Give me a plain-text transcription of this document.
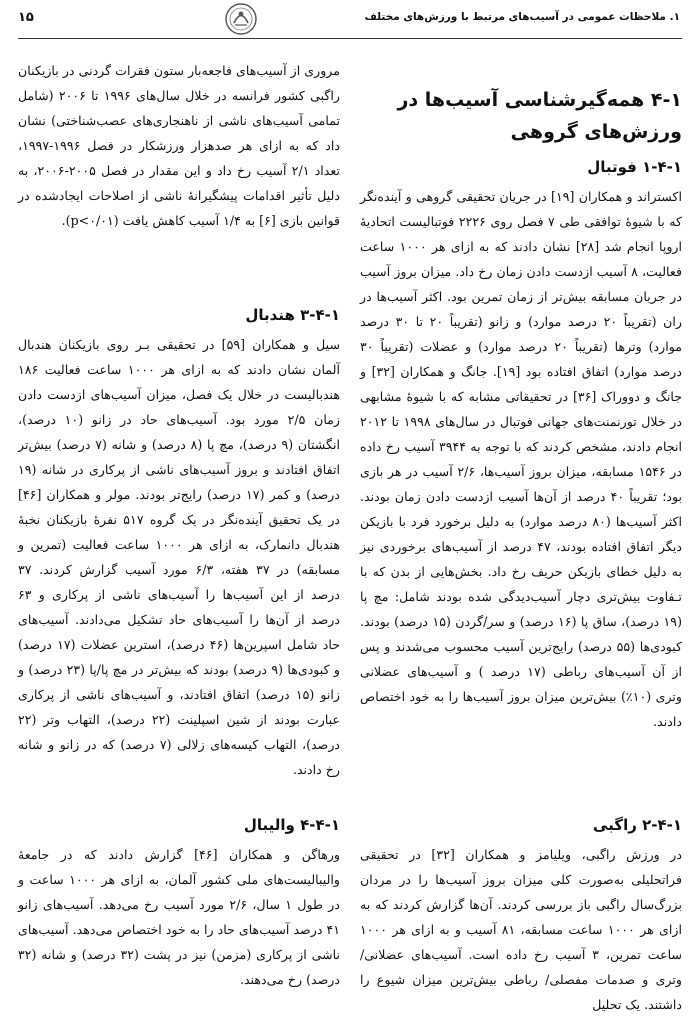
۱۵	۱. ملاحظات عمومی در آسیب‌های مرتبط با ورزش‌های مختلف
۴-۱ همه‌گیرشناسی آسیب‌ها در ورزش‌های گروهی
۱-۴-۱ فوتبال

اکستراند و همکاران [۱۹] در جریان تحقیقی گروهی و آینده‌نگر که با شیوهٔ توافقی طی ۷ فصل روی ۲۲۲۶ فوتبالیست اتحادیهٔ اروپا انجام شد [۲۸] نشان دادند که به ازای هر ۱۰۰۰ ساعت فعالیت، ۸ آسیب ازدست دادن زمان رخ داد. میزان بروز آسیب در جریان مسابقه بیش‌تر از زمان تمرین بود. اکثر آسیب‌ها در ران (تقریباً ۲۰ درصد موارد) و زانو (تقریباً ۲۰ تا ۳۰ درصد موارد) وترها (تقریباً ۲۰ درصد موارد) و عضلات (تقریباً ۳۰ درصد موارد) اتفاق افتاده بود [۱۹]. جانگ و همکاران [۳۲] و جانگ و دووراک [۳۶] در تحقیقاتی مشابه که با شیوهٔ مشابهی در خلال تورنمنت‌های جهانی فوتبال در سال‌های ۱۹۹۸ تا ۲۰۱۲ انجام دادند، مشخص کردند که با توجه به ۳۹۴۴ آسیب رخ داده در ۱۵۴۶ مسابقه، میزان بروز آسیب‌ها، ۲/۶ آسیب در هر بازی بود؛ تقریباً ۴۰ درصد از آن‌ها آسیب ازدست دادن زمان بودند. اکثر آسیب‌ها (۸۰ درصد موارد) به دلیل برخورد فرد با بازیکن دیگر اتفاق افتاده بودند، ۴۷ درصد از آسیب‌های برخوردی نیز به دلیل خطای بازیکن حریف رخ داد. بخش‌هایی از بدن که با تـفاوت بیش‌تری دچار آسیب‌دیدگی شده بودند شامل: مچ پا (۱۹ درصد)، ساق پا (۱۶ درصد) و سر/گردن (۱۵ درصد) بودند. کبودی‌ها (۵۵ درصد) رایج‌ترین آسیب محسوب می‌شدند و پس از آن آسیب‌های رباطی (۱۷ درصد ) و آسیب‌های عضلانی وتری (۱۰٪) بیش‌ترین میزان بروز آسیب‌ها را به خود اختصاص دادند.

۲-۴-۱ راگبی

در ورزش راگبی، ویلیامز و همکاران [۳۲] در تحقیقی فراتحلیلی به‌صورت کلی میزان بروز آسیب‌ها را در مردان بزرگ‌سال راگبی باز بررسی کردند. آن‌ها گزارش کردند که به ازای هر ۱۰۰۰ ساعت مسابقه، ۸۱ آسیب و به ازای هر ۱۰۰۰ ساعت تمرین، ۳ آسیب رخ داده است. آسیب‌های عضلانی/ وتری و صدمات مفصلی/ رباطی بیش‌ترین میزان شیوع را داشتند. یک تحلیل

مروری از آسیب‌های فاجعه‌بار ستون فقرات گردنی در بازیکنان راگبی کشور فرانسه در خلال سال‌های ۱۹۹۶ تا ۲۰۰۶ (شامل تمامی آسیب‌های ناشی از ناهنجاری‌های عصب‌شناختی) نشان داد که به ازای هر صدهزار ورزشکار در فصل ۱۹۹۶-۱۹۹۷، تعداد ۲/۱ آسیب رخ داد و این مقدار در فصل ۲۰۰۵-۲۰۰۶، به دلیل تأثیر اقدامات پیشگیرانهٔ ناشی از اصلاحات ایجادشده در قوانین بازی [۶] به ۱/۴ آسیب کاهش یافت (p<۰/۰۱).

۳-۴-۱ هندبال

سیل و همکاران [۵۹] در تحقیقی بـر روی بازیکنان هندبال آلمان نشان دادند که به ازای هر ۱۰۰۰ ساعت فعالیت ۱۸۶ هندبالیست در خلال یک فصل، میزان آسیب‌های ازدست دادن زمان ۲/۵ مورد بود. آسیب‌های حاد در زانو (۱۰ درصد)، انگشتان (۹ درصد)، مچ پا (۸ درصد) و شانه (۷ درصد) بیش‌تر اتفاق افتادند و بروز آسیب‌های ناشی از پرکاری در شانه (۱۹ درصد) و کمر (۱۷ درصد) رایج‌تر بودند. مولر و همکاران [۴۶] در یک تحقیق آینده‌نگر در یک گروه ۵۱۷ نفرهٔ بازیکنان نخبهٔ هندبال دانمارک، به ازای هر ۱۰۰۰ ساعت فعالیت (تمرین و مسابقه) در ۳۷ هفته، ۶/۳ مورد آسیب گزارش کردند. ۳۷ درصد از این آسیب‌ها را آسیب‌های ناشی از پرکاری و ۶۳ درصد از آن‌ها را آسیب‌های حاد تشکیل می‌دادند. آسیب‌های حاد شامل اسپرین‌ها (۴۶ درصد)، استرین عضلات (۱۷ درصد) و کبودی‌ها (۹ درصد) بودند که بیش‌تر در مچ پا/پا (۲۳ درصد) و زانو (۱۵ درصد) اتفاق افتادند، و آسیب‌های ناشی از پرکاری عبارت بودند از شین اسپلینت (۲۲ درصد)، التهاب وتر (۲۲ درصد)، التهاب کیسه‌های زلالی (۷ درصد) که در زانو و شانه رخ دادند.

۴-۴-۱ والیبال

ورهاگن و همکاران [۴۶] گزارش دادند که در جامعهٔ والیبالیست‌های ملی کشور آلمان، به ازای هر ۱۰۰۰ ساعت و در طول ۱ سال، ۲/۶ مورد آسیب رخ می‌دهد. آسیب‌های زانو ۴۱ درصد آسیب‌های حاد را به خود اختصاص می‌دهد. آسیب‌های ناشی از پرکاری (مزمن) نیز در پشت (۳۲ درصد) و شانه (۳۲ درصد) رخ می‌دهند.
